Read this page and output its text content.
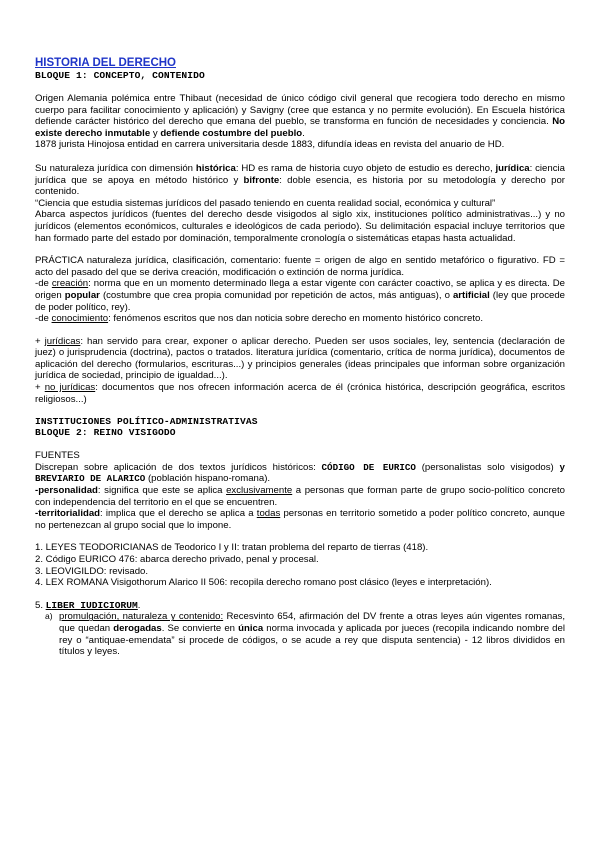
HISTORIA DEL DERECHO
BLOQUE 1: CONCEPTO, CONTENIDO

Origen Alemania polémica entre Thibaut (necesidad de único código civil general que recogiera todo derecho en mismo cuerpo para facilitar conocimiento y aplicación) y Savigny (cree que estanca y no permite evolución). En Escuela histórica defiende carácter histórico del derecho que emana del pueblo, se transforma en función de necesidades y conciencia. No existe derecho inmutable y defiende costumbre del pueblo.

1878 jurista Hinojosa entidad en carrera universitaria desde 1883, difundía ideas en revista del anuario de HD.

Su naturaleza jurídica con dimensión histórica: HD es rama de historia cuyo objeto de estudio es derecho, jurídica: ciencia jurídica que se apoya en método histórico y bifronte: doble esencia, es historia por su metodología y derecho por contenido.

“Ciencia que estudia sistemas jurídicos del pasado teniendo en cuenta realidad social, económica y cultural”

Abarca aspectos jurídicos (fuentes del derecho desde visigodos al siglo xix, instituciones político administrativas...) y no jurídicos (elementos económicos, culturales e ideológicos de cada periodo). Su delimitación espacial incluye territorios que han formado parte del estado por dominación, temporalmente cronología o sistemáticas etapas hasta actualidad.

PRÁCTICA naturaleza jurídica, clasificación, comentario: fuente = origen de algo en sentido metafórico o figurativo. FD = acto del pasado del que se deriva creación, modificación o extinción de norma jurídica.

-de creación: norma que en un momento determinado llega a estar vigente con carácter coactivo, se aplica y es directa. De origen popular (costumbre que crea propia comunidad por repetición de actos, más antiguas), o artificial (ley que procede de poder político, rey).

-de conocimiento: fenómenos escritos que nos dan noticia sobre derecho en momento histórico concreto.

+ jurídicas: han servido para crear, exponer o aplicar derecho. Pueden ser usos sociales, ley, sentencia (declaración de juez) o jurisprudencia (doctrina), pactos o tratados. literatura jurídica (comentario, crítica de norma jurídica), documentos de aplicación del derecho (formularios, escrituras...) y principios generales (ideas principales que informan sobre organización jurídica de sociedad, principio de igualdad...).

+ no jurídicas: documentos que nos ofrecen información acerca de él (crónica histórica, descripción geográfica, escritos religiosos...)

INSTITUCIONES POLÍTICO-ADMINISTRATIVAS
BLOQUE 2: REINO VISIGODO

FUENTES

Discrepan sobre aplicación de dos textos jurídicos históricos: CÓDIGO DE EURICO (personalistas solo visigodos) y BREVIARIO DE ALARICO (población hispano-romana).

-personalidad: significa que este se aplica exclusivamente a personas que forman parte de grupo socio-político concreto con independencia del territorio en el que se encuentren.

-territorialidad: implica que el derecho se aplica a todas personas en territorio sometido a poder político concreto, aunque no pertenezcan al grupo social que lo impone.

1. LEYES TEODORICIANAS de Teodorico I y II: tratan problema del reparto de tierras (418).

2. Código EURICO 476: abarca derecho privado, penal y procesal.

3. LEOVIGILDO: revisado.

4. LEX ROMANA Visigothorum Alarico II 506: recopila derecho romano post clásico (leyes e interpretación).

5. LIBER IUDICIORUM.

a) promulgación, naturaleza y contenido: Recesvinto 654, afirmación del DV frente a otras leyes aún vigentes romanas, que quedan derogadas. Se convierte en única norma invocada y aplicada por jueces (recopila indicando nombre del rey o “antiquae-emendata” si procede de códigos, o se acude a rey que disputa sentencia) - 12 libros divididos en títulos y leyes.
